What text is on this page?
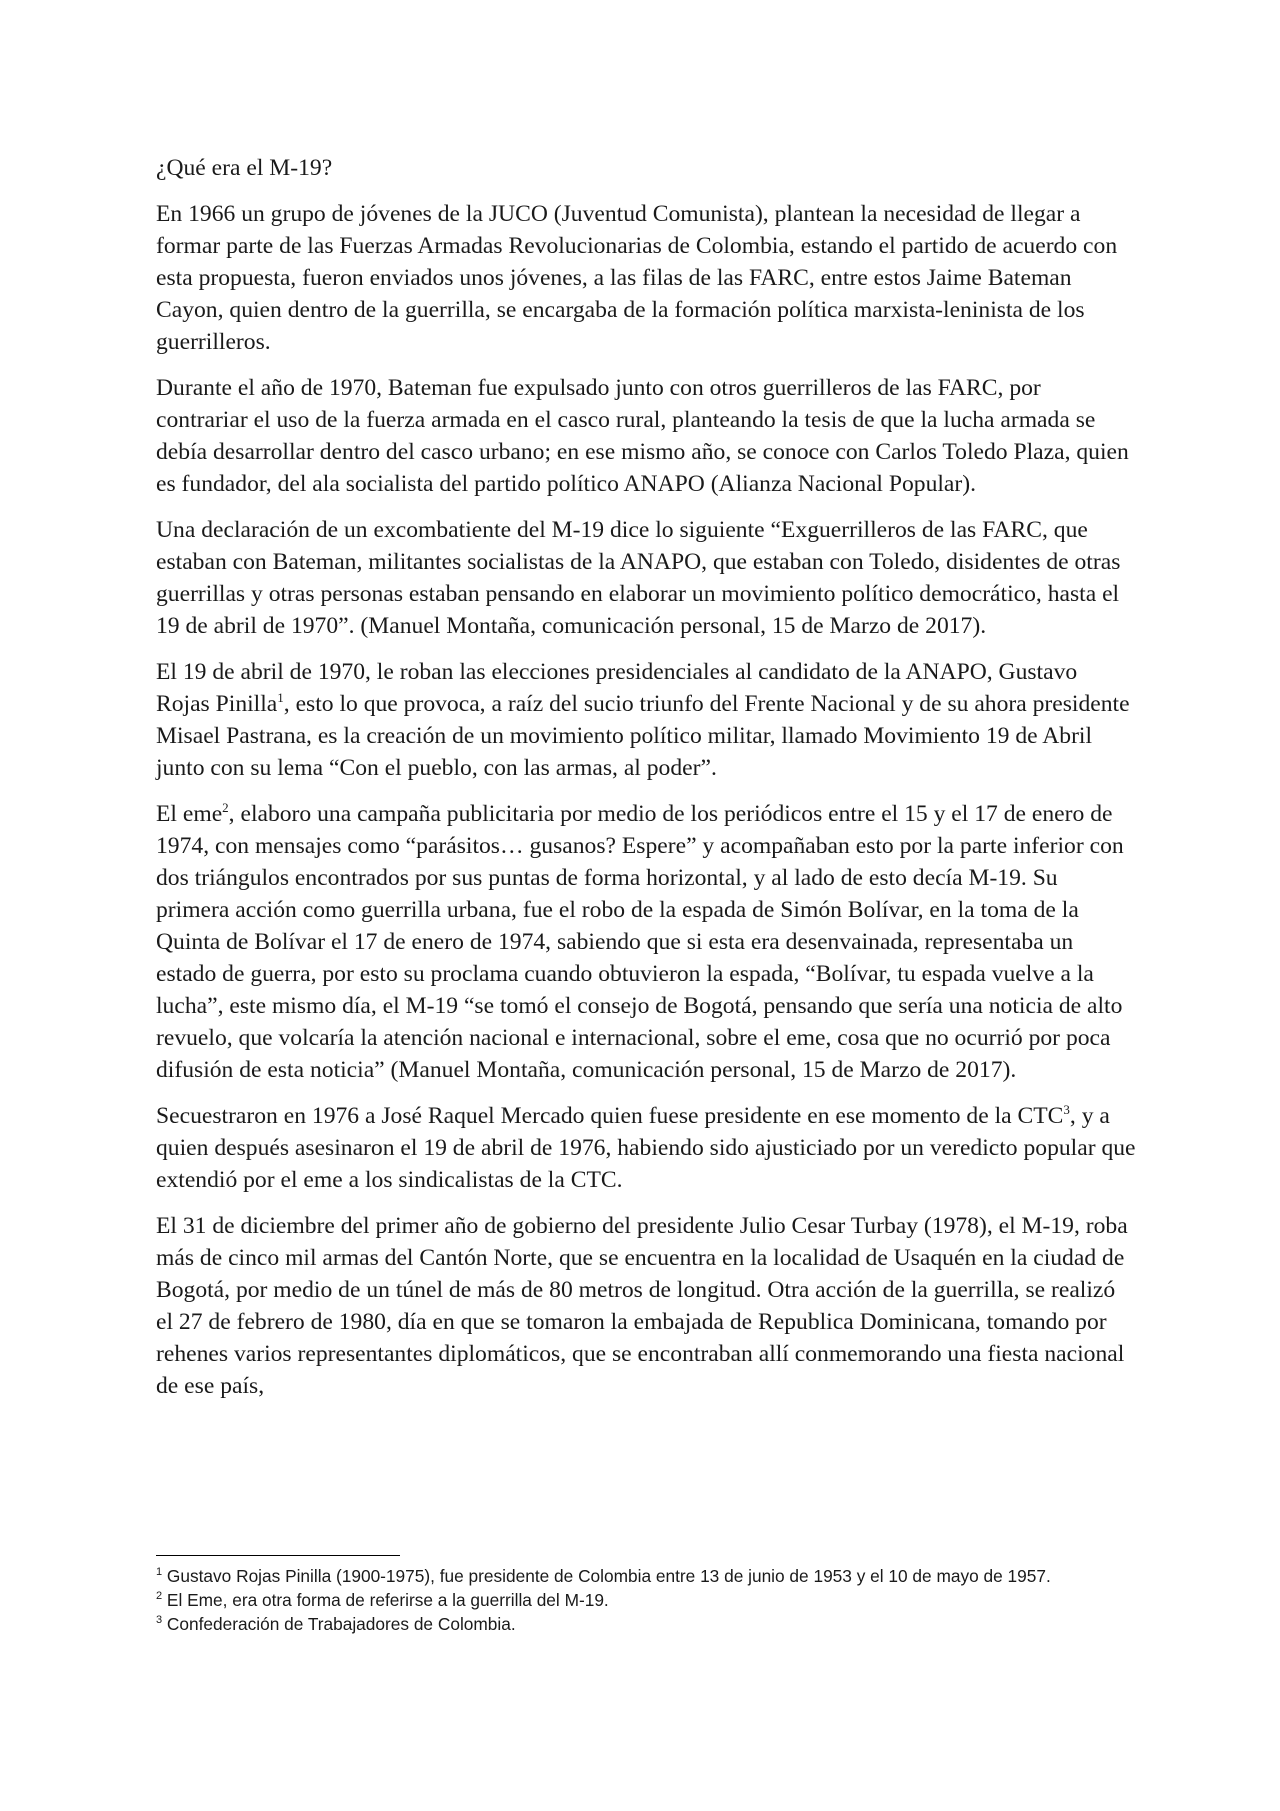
¿Qué era el M-19?

En 1966 un grupo de jóvenes de la JUCO (Juventud Comunista), plantean la necesidad de llegar a formar parte de las Fuerzas Armadas Revolucionarias de Colombia, estando el partido de acuerdo con esta propuesta, fueron enviados unos jóvenes, a las filas de las FARC, entre estos Jaime Bateman Cayon, quien dentro de la guerrilla, se encargaba de la formación política marxista-leninista de los guerrilleros.

Durante el año de 1970, Bateman fue expulsado junto con otros guerrilleros de las FARC, por contrariar el uso de la fuerza armada en el casco rural, planteando la tesis de que la lucha armada se debía desarrollar dentro del casco urbano; en ese mismo año, se conoce con Carlos Toledo Plaza, quien es fundador, del ala socialista del partido político ANAPO (Alianza Nacional Popular).

Una declaración de un excombatiente del M-19 dice lo siguiente “Exguerrilleros de las FARC, que estaban con Bateman, militantes socialistas de la ANAPO, que estaban con Toledo, disidentes de otras guerrillas y otras personas estaban pensando en elaborar un movimiento político democrático, hasta el 19 de abril de 1970”. (Manuel Montaña, comunicación personal, 15 de Marzo de 2017).

El 19 de abril de 1970, le roban las elecciones presidenciales al candidato de la ANAPO, Gustavo Rojas Pinilla$^1$, esto lo que provoca, a raíz del sucio triunfo del Frente Nacional y de su ahora presidente Misael Pastrana, es la creación de un movimiento político militar, llamado Movimiento 19 de Abril junto con su lema “Con el pueblo, con las armas, al poder”.

El eme$^2$, elaboro una campaña publicitaria por medio de los periódicos entre el 15 y el 17 de enero de 1974, con mensajes como “parásitos… gusanos? Espere” y acompañaban esto por la parte inferior con dos triángulos encontrados por sus puntas de forma horizontal, y al lado de esto decía M-19. Su primera acción como guerrilla urbana, fue el robo de la espada de Simón Bolívar, en la toma de la Quinta de Bolívar el 17 de enero de 1974, sabiendo que si esta era desenvainada, representaba un estado de guerra, por esto su proclama cuando obtuvieron la espada, “Bolívar, tu espada vuelve a la lucha”, este mismo día, el M-19 “se tomó el consejo de Bogotá, pensando que sería una noticia de alto revuelo, que volcaría la atención nacional e internacional, sobre el eme, cosa que no ocurrió por poca difusión de esta noticia” (Manuel Montaña, comunicación personal, 15 de Marzo de 2017).

Secuestraron en 1976 a José Raquel Mercado quien fuese presidente en ese momento de la CTC$^3$, y a quien después asesinaron el 19 de abril de 1976, habiendo sido ajusticiado por un veredicto popular que extendió por el eme a los sindicalistas de la CTC.

El 31 de diciembre del primer año de gobierno del presidente Julio Cesar Turbay (1978), el M-19, roba más de cinco mil armas del Cantón Norte, que se encuentra en la localidad de Usaquén en la ciudad de Bogotá, por medio de un túnel de más de 80 metros de longitud. Otra acción de la guerrilla, se realizó el 27 de febrero de 1980, día en que se tomaron la embajada de Republica Dominicana, tomando por rehenes varios representantes diplomáticos, que se encontraban allí conmemorando una fiesta nacional de ese país,

$^1$ Gustavo Rojas Pinilla (1900-1975), fue presidente de Colombia entre 13 de junio de 1953 y el 10 de mayo de 1957.

$^2$ El Eme, era otra forma de referirse a la guerrilla del M-19.

$^3$ Confederación de Trabajadores de Colombia.
